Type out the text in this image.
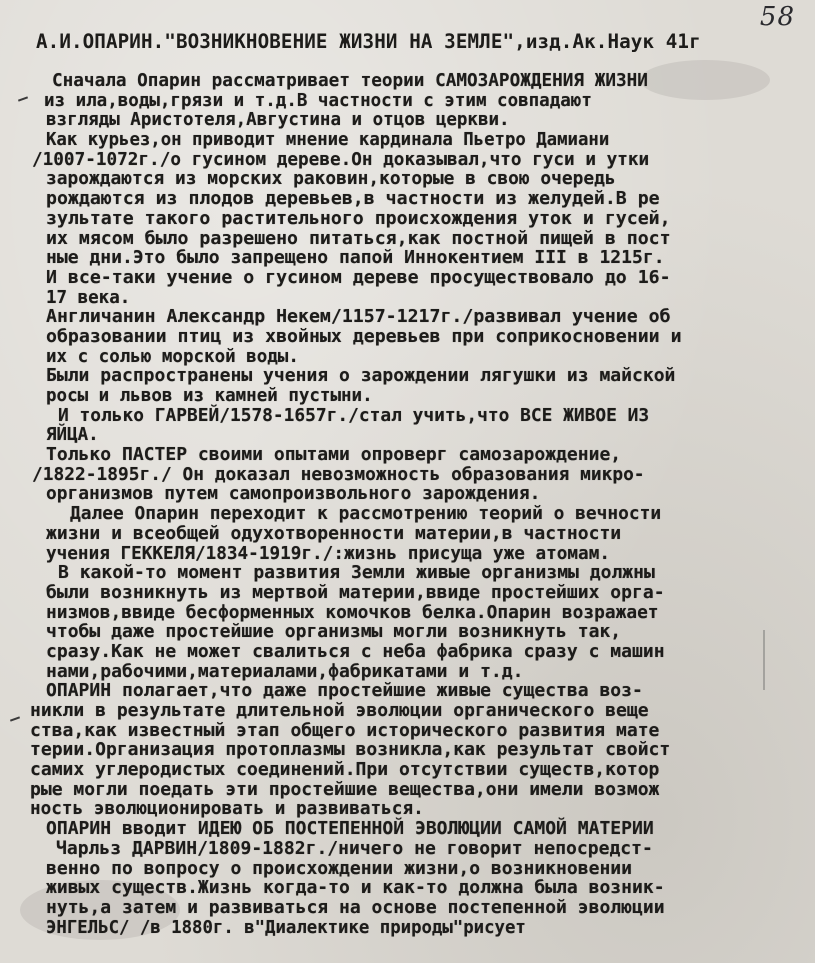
58
А.И.ОПАРИН."ВОЗНИКНОВЕНИЕ ЖИЗНИ НА ЗЕМЛЕ",изд.Ак.Наук 41г
Сначала Опарин рассматривает теории САМОЗАРОЖДЕНИЯ ЖИЗНИ
из ила,воды,грязи и т.д.В частности с этим совпадают
взгляды Аристотеля,Августина и отцов церкви.
Как курьез,он приводит мнение кардинала Пьетро Дамиани
/1007-1072г./о гусином дереве.Он доказывал,что гуси и утки
зарождаются из морских раковин,которые в свою очередь
рождаются из плодов деревьев,в частности из желудей.В ре
зультате такого растительного происхождения уток и гусей,
их мясом было разрешено питаться,как постной пищей в пост
ные дни.Это было запрещено папой Иннокентием III в 1215г.
И все-таки учение о гусином дереве просуществовало до 16-
17 века.
Англичанин Александр Некем/1157-1217г./развивал учение об
образовании птиц из хвойных деревьев при соприкосновении и
их с солью морской воды.
Были распространены учения о зарождении лягушки из майской
росы и львов из камней пустыни.
И только ГАРВЕЙ/1578-1657г./стал учить,что ВСЕ ЖИВОЕ ИЗ
ЯЙЦА.
Только ПАСТЕР своими опытами опроверг самозарождение,
/1822-1895г./ Он доказал невозможность образования микро-
организмов путем самопроизвольного зарождения.
Далее Опарин переходит к рассмотрению теорий о вечности
жизни и всеобщей одухотворенности материи,в частности
учения ГЕККЕЛЯ/1834-1919г./:жизнь присуща уже атомам.
В какой-то момент развития Земли живые организмы должны
были возникнуть из мертвой материи,ввиде простейших орга-
низмов,ввиде бесформенных комочков белка.Опарин возражает
чтобы даже простейшие организмы могли возникнуть так,
сразу.Как не может свалиться с неба фабрика сразу с машин
нами,рабочими,материалами,фабрикатами и т.д.
ОПАРИН полагает,что даже простейшие живые существа воз-
никли в результате длительной эволюции органического веще
ства,как известный этап общего исторического развития мате
терии.Организация протоплазмы возникла,как результат свойст
самих углеродистых соединений.При отсутствии существ,котор
рые могли поедать эти простейшие вещества,они имели возмож
ность эволюционировать и развиваться.
ОПАРИН вводит ИДЕЮ ОБ ПОСТЕПЕННОЙ ЭВОЛЮЦИИ САМОЙ МАТЕРИИ
Чарльз ДАРВИН/1809-1882г./ничего не говорит непосредст-
венно по вопросу о происхождении жизни,о возникновении
живых существ.Жизнь когда-то и как-то должна была возник-
нуть,а затем и развиваться на основе постепенной эволюции
ЭНГЕЛЬС/ /в 1880г. в"Диалектике природы"рисует
